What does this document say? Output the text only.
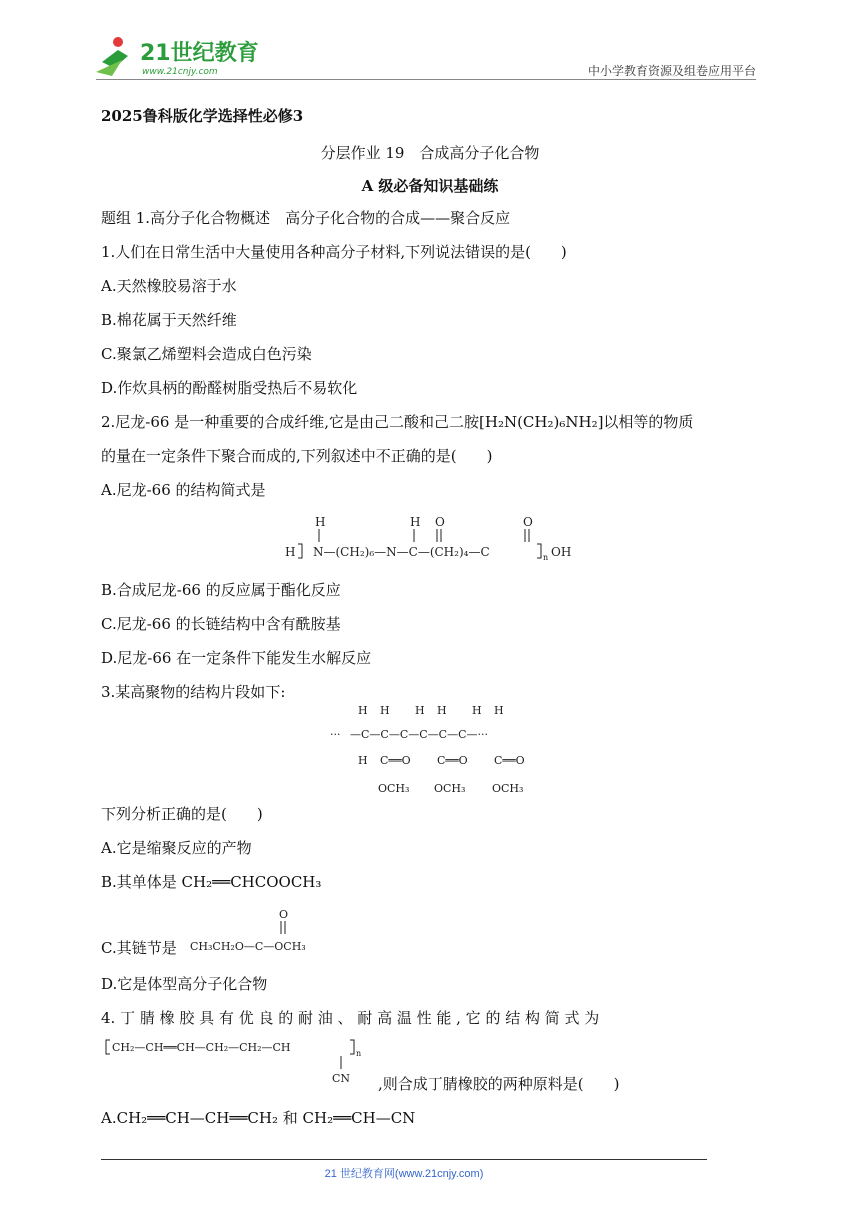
21世纪教育
www.21cnjy.com	中小学教育资源及组卷应用平台
2025鲁科版化学选择性必修3
分层作业 19　合成高分子化合物
A 级必备知识基础练
题组 1.高分子化合物概述　高分子化合物的合成——聚合反应
1.人们在日常生活中大量使用各种高分子材料,下列说法错误的是(　　)
A.天然橡胶易溶于水
B.棉花属于天然纤维
C.聚氯乙烯塑料会造成白色污染
D.作炊具柄的酚醛树脂受热后不易软化
2.尼龙-66 是一种重要的合成纤维,它是由己二酸和己二胺[H₂N(CH₂)₆NH₂]以相等的物质
的量在一定条件下聚合而成的,下列叙述中不正确的是(　　)
A.尼龙-66 的结构简式是
H
H N—(CH₂)₆—N—C—(CH₂)₄—C
H O	O
n OH
B.合成尼龙-66 的反应属于酯化反应
C.尼龙-66 的长链结构中含有酰胺基
D.尼龙-66 在一定条件下能发生水解反应
3.某高聚物的结构片段如下:
···
H H H H H H
—C—C—C—C—C—C—···
H C══O C══O C══O
OCH₃ OCH₃ OCH₃
下列分析正确的是(　　)
A.它是缩聚反应的产物
B.其单体是 CH₂══CHCOOCH₃
C.其链节是
O
CH₃CH₂O—C—OCH₃
D.它是体型高分子化合物
4. 丁 腈 橡 胶 具 有 优 良 的 耐 油 、 耐 高 温 性 能 , 它 的 结 构 简 式 为
CH₂—CH══CH—CH₂—CH₂—CH	n
CN ,则合成丁腈橡胶的两种原料是(　　)
A.CH₂══CH—CH══CH₂ 和 CH₂══CH—CN
21 世纪教育网(www.21cnjy.com)
